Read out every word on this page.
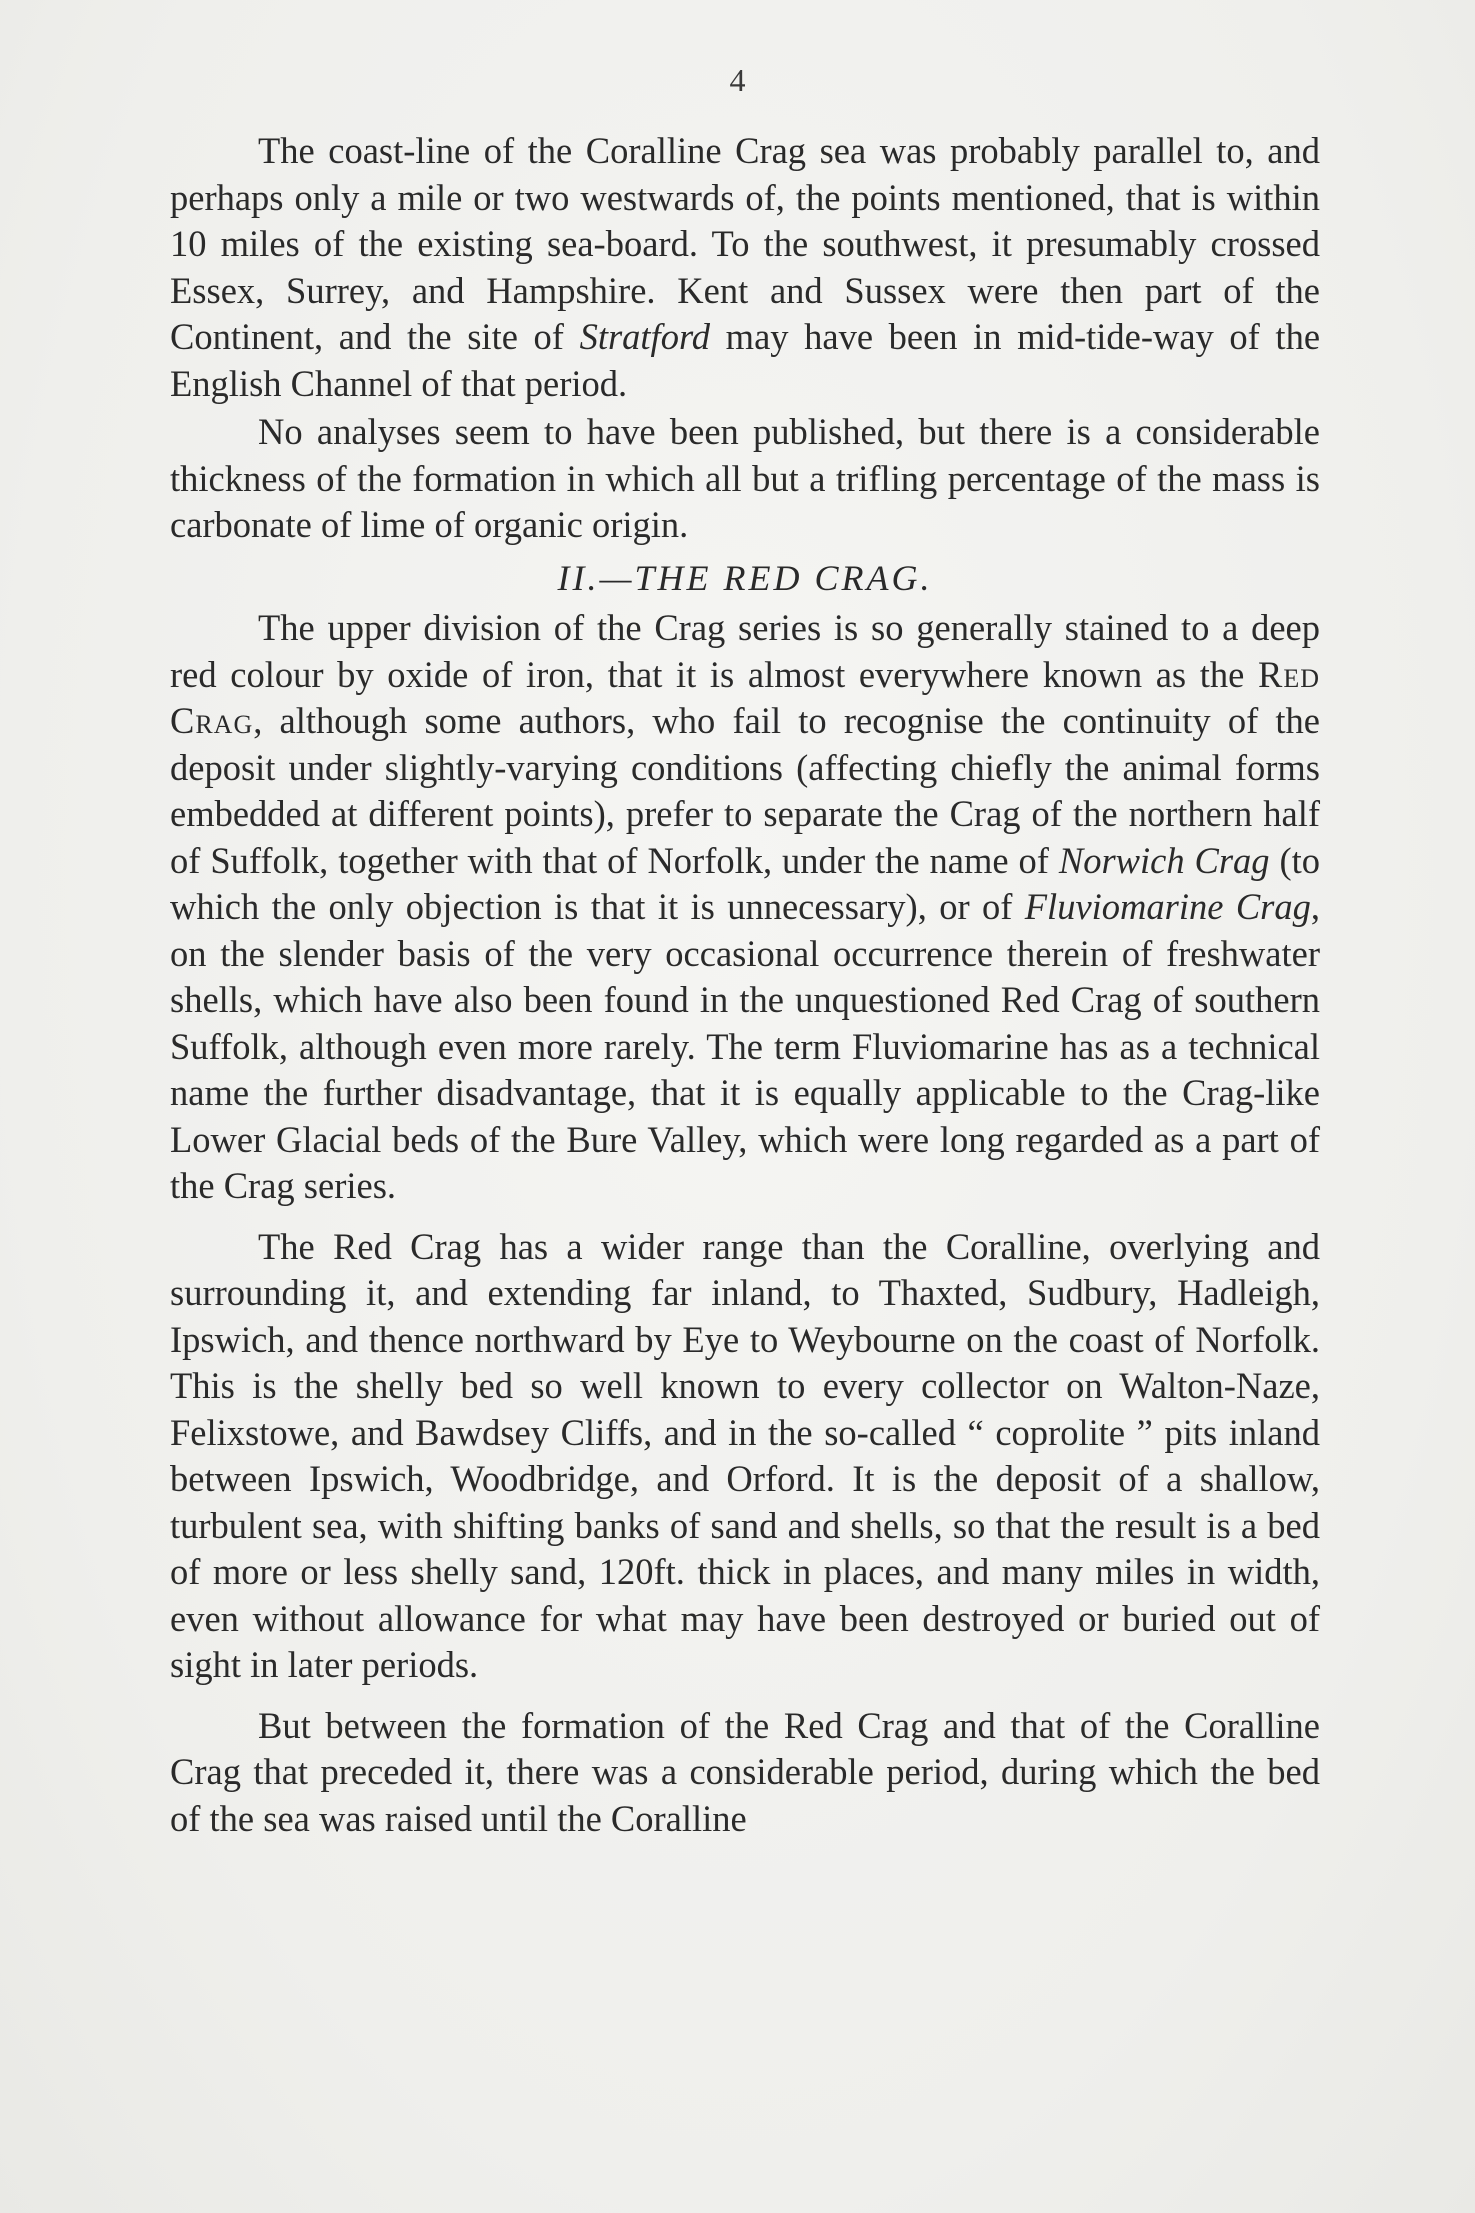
4

The coast-line of the Coralline Crag sea was probably parallel to, and perhaps only a mile or two westwards of, the points mentioned, that is within 10 miles of the existing sea-board. To the southwest, it presumably crossed Essex, Surrey, and Hampshire. Kent and Sussex were then part of the Continent, and the site of Stratford may have been in mid-tide-way of the English Channel of that period.

No analyses seem to have been published, but there is a considerable thickness of the formation in which all but a trifling percentage of the mass is carbonate of lime of organic origin.

II.—THE RED CRAG.

The upper division of the Crag series is so generally stained to a deep red colour by oxide of iron, that it is almost everywhere known as the Red Crag, although some authors, who fail to recognise the continuity of the deposit under slightly-varying conditions (affecting chiefly the animal forms embedded at different points), prefer to separate the Crag of the northern half of Suffolk, together with that of Norfolk, under the name of Norwich Crag (to which the only objection is that it is unnecessary), or of Fluviomarine Crag, on the slender basis of the very occasional occurrence therein of freshwater shells, which have also been found in the unquestioned Red Crag of southern Suffolk, although even more rarely. The term Fluviomarine has as a technical name the further disadvantage, that it is equally applicable to the Crag-like Lower Glacial beds of the Bure Valley, which were long regarded as a part of the Crag series.

The Red Crag has a wider range than the Coralline, overlying and surrounding it, and extending far inland, to Thaxted, Sudbury, Hadleigh, Ipswich, and thence northward by Eye to Weybourne on the coast of Norfolk. This is the shelly bed so well known to every collector on Walton-Naze, Felixstowe, and Bawdsey Cliffs, and in the so-called “ coprolite ” pits inland between Ipswich, Woodbridge, and Orford. It is the deposit of a shallow, turbulent sea, with shifting banks of sand and shells, so that the result is a bed of more or less shelly sand, 120ft. thick in places, and many miles in width, even without allowance for what may have been destroyed or buried out of sight in later periods.

But between the formation of the Red Crag and that of the Coralline Crag that preceded it, there was a considerable period, during which the bed of the sea was raised until the Coralline
